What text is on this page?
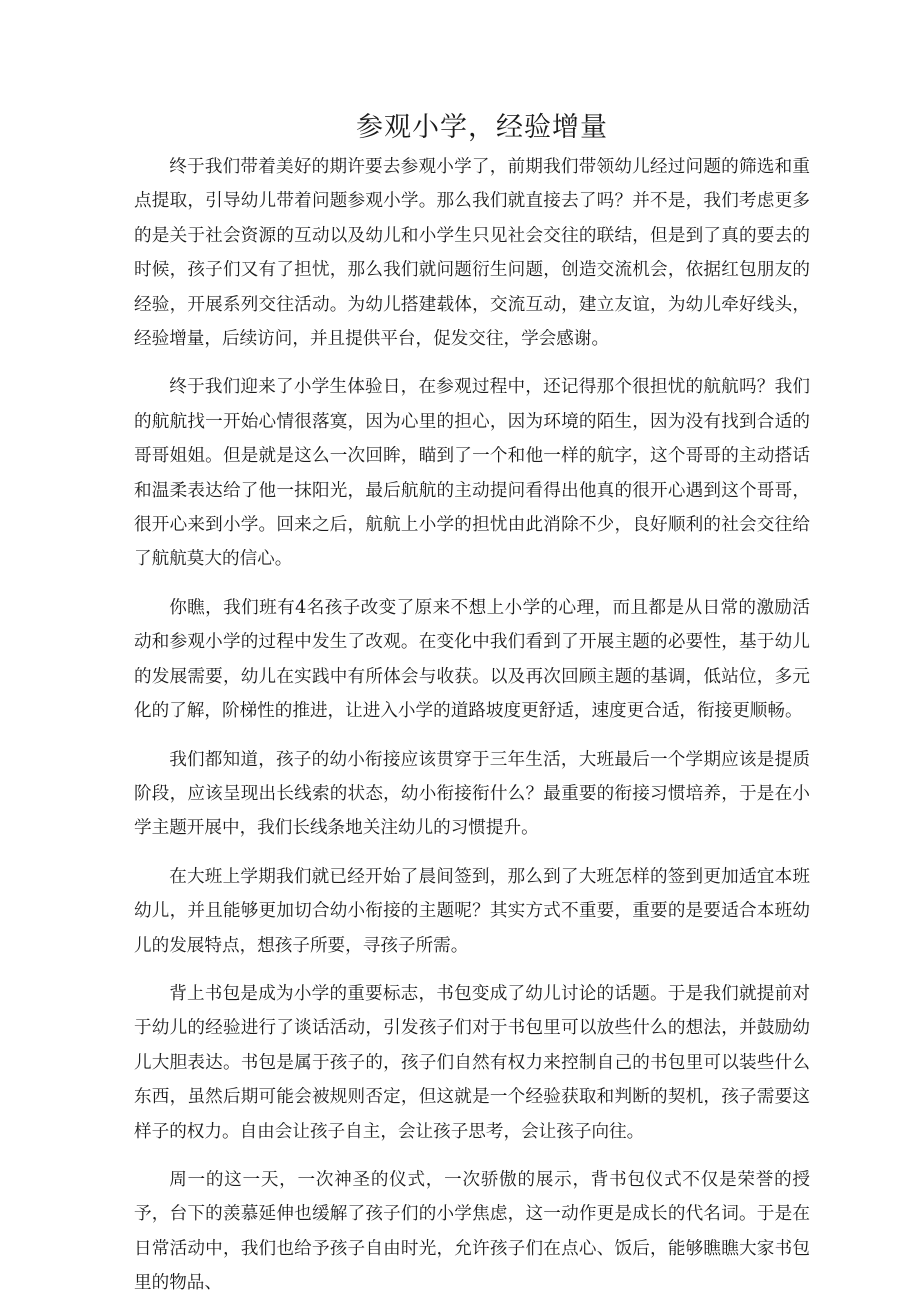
参观小学，经验增量

终于我们带着美好的期许要去参观小学了，前期我们带领幼儿经过问题的筛选和重点提取，引导幼儿带着问题参观小学。那么我们就直接去了吗？并不是，我们考虑更多的是关于社会资源的互动以及幼儿和小学生只见社会交往的联结，但是到了真的要去的时候，孩子们又有了担忧，那么我们就问题衍生问题，创造交流机会，依据红包朋友的经验，开展系列交往活动。为幼儿搭建载体，交流互动，建立友谊，为幼儿牵好线头，经验增量，后续访问，并且提供平台，促发交往，学会感谢。

终于我们迎来了小学生体验日，在参观过程中，还记得那个很担忧的航航吗？我们的航航找一开始心情很落寞，因为心里的担心，因为环境的陌生，因为没有找到合适的哥哥姐姐。但是就是这么一次回眸，瞄到了一个和他一样的航字，这个哥哥的主动搭话和温柔表达给了他一抹阳光，最后航航的主动提问看得出他真的很开心遇到这个哥哥，很开心来到小学。回来之后，航航上小学的担忧由此消除不少，良好顺利的社会交往给了航航莫大的信心。

你瞧，我们班有4名孩子改变了原来不想上小学的心理，而且都是从日常的激励活动和参观小学的过程中发生了改观。在变化中我们看到了开展主题的必要性，基于幼儿的发展需要，幼儿在实践中有所体会与收获。以及再次回顾主题的基调，低站位，多元化的了解，阶梯性的推进，让进入小学的道路坡度更舒适，速度更合适，衔接更顺畅。

我们都知道，孩子的幼小衔接应该贯穿于三年生活，大班最后一个学期应该是提质阶段，应该呈现出长线索的状态，幼小衔接衔什么？最重要的衔接习惯培养，于是在小学主题开展中，我们长线条地关注幼儿的习惯提升。

在大班上学期我们就已经开始了晨间签到，那么到了大班怎样的签到更加适宜本班幼儿，并且能够更加切合幼小衔接的主题呢？其实方式不重要，重要的是要适合本班幼儿的发展特点，想孩子所要，寻孩子所需。

背上书包是成为小学的重要标志，书包变成了幼儿讨论的话题。于是我们就提前对于幼儿的经验进行了谈话活动，引发孩子们对于书包里可以放些什么的想法，并鼓励幼儿大胆表达。书包是属于孩子的，孩子们自然有权力来控制自己的书包里可以装些什么东西，虽然后期可能会被规则否定，但这就是一个经验获取和判断的契机，孩子需要这样子的权力。自由会让孩子自主，会让孩子思考，会让孩子向往。

周一的这一天，一次神圣的仪式，一次骄傲的展示，背书包仪式不仅是荣誉的授予，台下的羡慕延伸也缓解了孩子们的小学焦虑，这一动作更是成长的代名词。于是在日常活动中，我们也给予孩子自由时光，允许孩子们在点心、饭后，能够瞧瞧大家书包里的物品、
